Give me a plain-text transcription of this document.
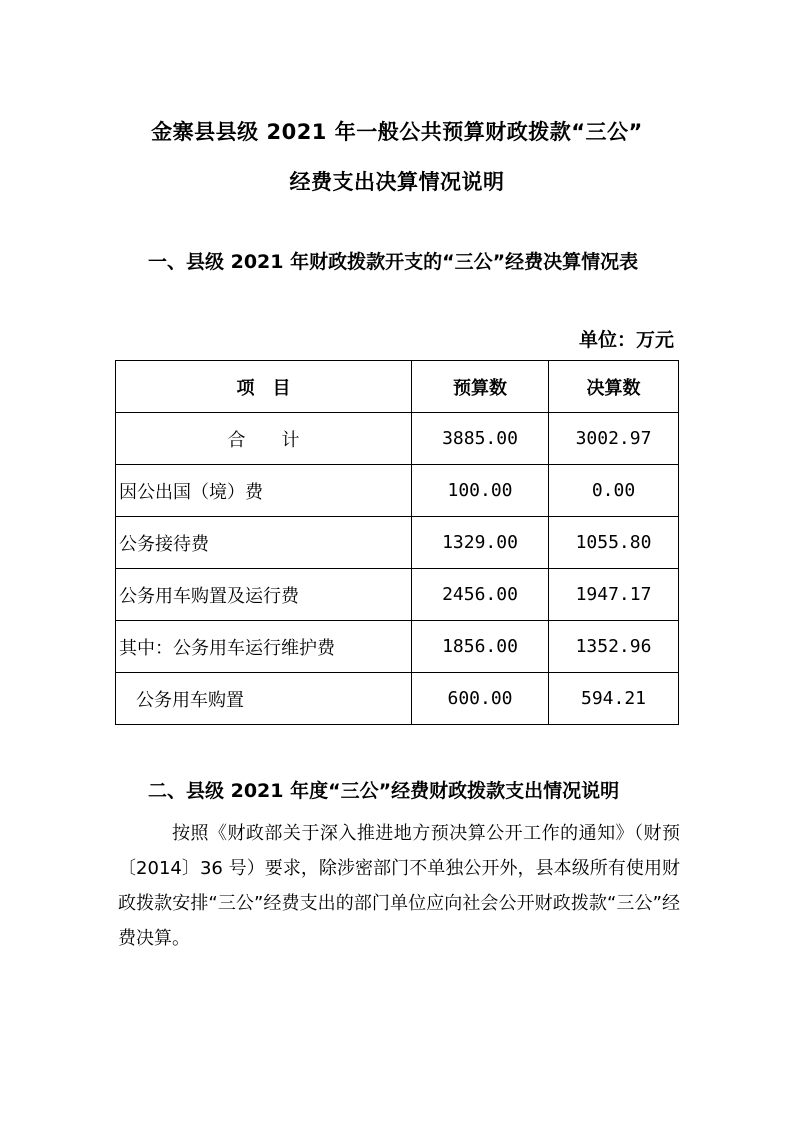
金寨县县级 2021 年一般公共预算财政拨款“三公”
经费支出决算情况说明
一、县级 2021 年财政拨款开支的“三公”经费决算情况表
单位：万元
项　目	预算数	决算数
合　　计	3885.00	3002.97
因公出国（境）费	100.00	0.00
公务接待费	1329.00	1055.80
公务用车购置及运行费	2456.00	1947.17
其中：公务用车运行维护费	1856.00	1352.96
公务用车购置	600.00	594.21
二、县级 2021 年度“三公”经费财政拨款支出情况说明
按照《财政部关于深入推进地方预决算公开工作的通知》（财预〔2014〕36 号）要求，除涉密部门不单独公开外，县本级所有使用财政拨款安排“三公”经费支出的部门单位应向社会公开财政拨款“三公”经费决算。
